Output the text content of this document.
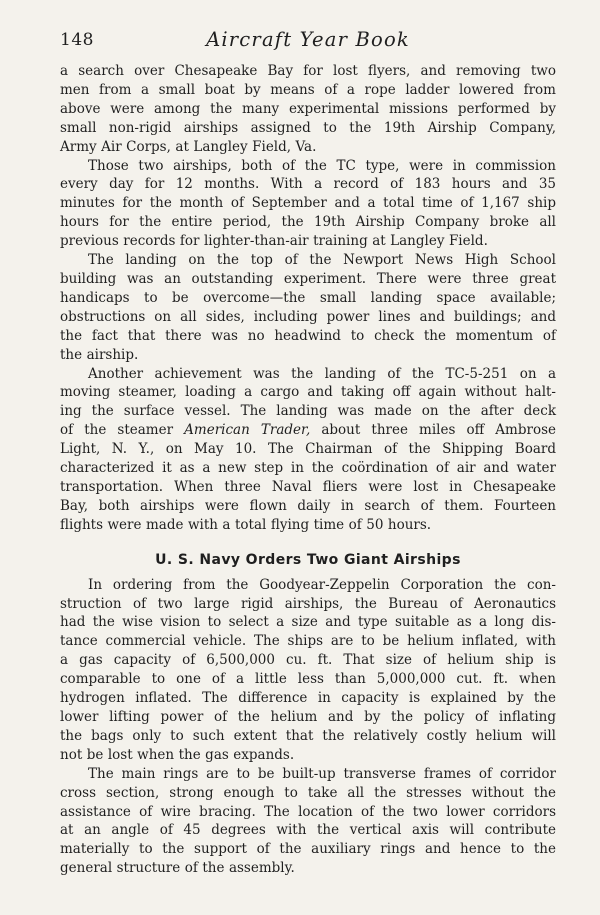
148	Aircraft Year Book

a search over Chesapeake Bay for lost flyers, and removing two
men from a small boat by means of a rope ladder lowered from
above were among the many experimental missions performed by
small non-rigid airships assigned to the 19th Airship Company,
Army Air Corps, at Langley Field, Va.

Those two airships, both of the TC type, were in commission
every day for 12 months. With a record of 183 hours and 35
minutes for the month of September and a total time of 1,167 ship
hours for the entire period, the 19th Airship Company broke all
previous records for lighter-than-air training at Langley Field.

The landing on the top of the Newport News High School
building was an outstanding experiment. There were three great
handicaps to be overcome—the small landing space available;
obstructions on all sides, including power lines and buildings; and
the fact that there was no headwind to check the momentum of
the airship.

Another achievement was the landing of the TC-5-251 on a
moving steamer, loading a cargo and taking off again without halt-
ing the surface vessel. The landing was made on the after deck
of the steamer American Trader, about three miles off Ambrose
Light, N. Y., on May 10. The Chairman of the Shipping Board
characterized it as a new step in the coördination of air and water
transportation. When three Naval fliers were lost in Chesapeake
Bay, both airships were flown daily in search of them. Fourteen
flights were made with a total flying time of 50 hours.

U. S. Navy Orders Two Giant Airships

In ordering from the Goodyear-Zeppelin Corporation the con-
struction of two large rigid airships, the Bureau of Aeronautics
had the wise vision to select a size and type suitable as a long dis-
tance commercial vehicle. The ships are to be helium inflated, with
a gas capacity of 6,500,000 cu. ft. That size of helium ship is
comparable to one of a little less than 5,000,000 cut. ft. when
hydrogen inflated. The difference in capacity is explained by the
lower lifting power of the helium and by the policy of inflating
the bags only to such extent that the relatively costly helium will
not be lost when the gas expands.

The main rings are to be built-up transverse frames of corridor
cross section, strong enough to take all the stresses without the
assistance of wire bracing. The location of the two lower corridors
at an angle of 45 degrees with the vertical axis will contribute
materially to the support of the auxiliary rings and hence to the
general structure of the assembly.
